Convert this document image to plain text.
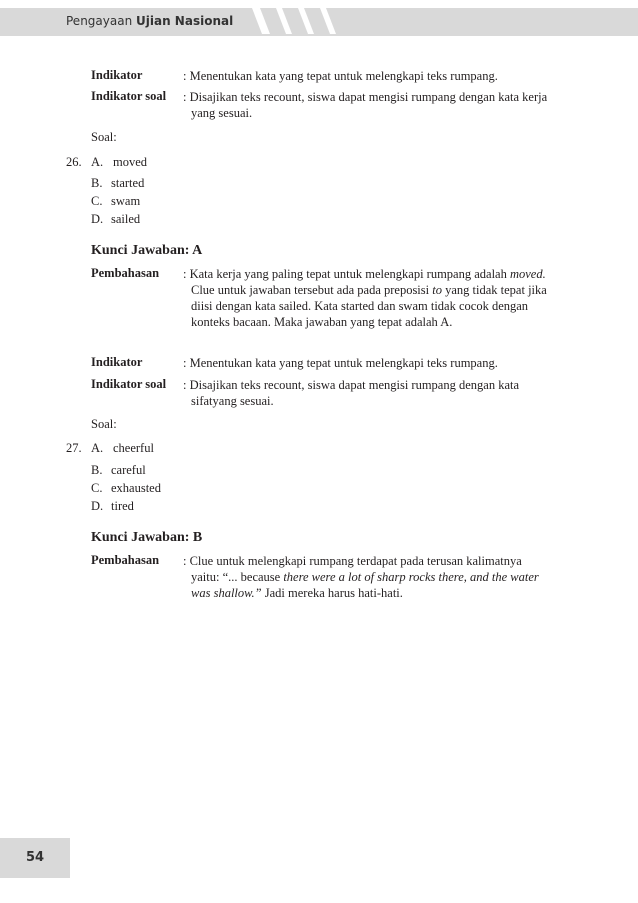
Pengayaan Ujian Nasional
Indikator	: Menentukan kata yang tepat untuk melengkapi teks rumpang.
Indikator soal : Disajikan teks recount, siswa dapat mengisi rumpang dengan kata kerja
yang sesuai.
Soal:
26. A. moved
B. started
C. swam
D. sailed
Kunci Jawaban: A
Pembahasan : Kata kerja yang paling tepat untuk melengkapi rumpang adalah moved.
Clue untuk jawaban tersebut ada pada preposisi to yang tidak tepat jika
diisi dengan kata sailed. Kata started dan swam tidak cocok dengan
konteks bacaan. Maka jawaban yang tepat adalah A.
Indikator	: Menentukan kata yang tepat untuk melengkapi teks rumpang.
Indikator soal : Disajikan teks recount, siswa dapat mengisi rumpang dengan kata
sifatyang sesuai.
Soal:
27. A. cheerful
B. careful
C. exhausted
D. tired
Kunci Jawaban: B
Pembahasan : Clue untuk melengkapi rumpang terdapat pada terusan kalimatnya
yaitu: “... because there were a lot of sharp rocks there, and the water
was shallow.” Jadi mereka harus hati-hati.
54
